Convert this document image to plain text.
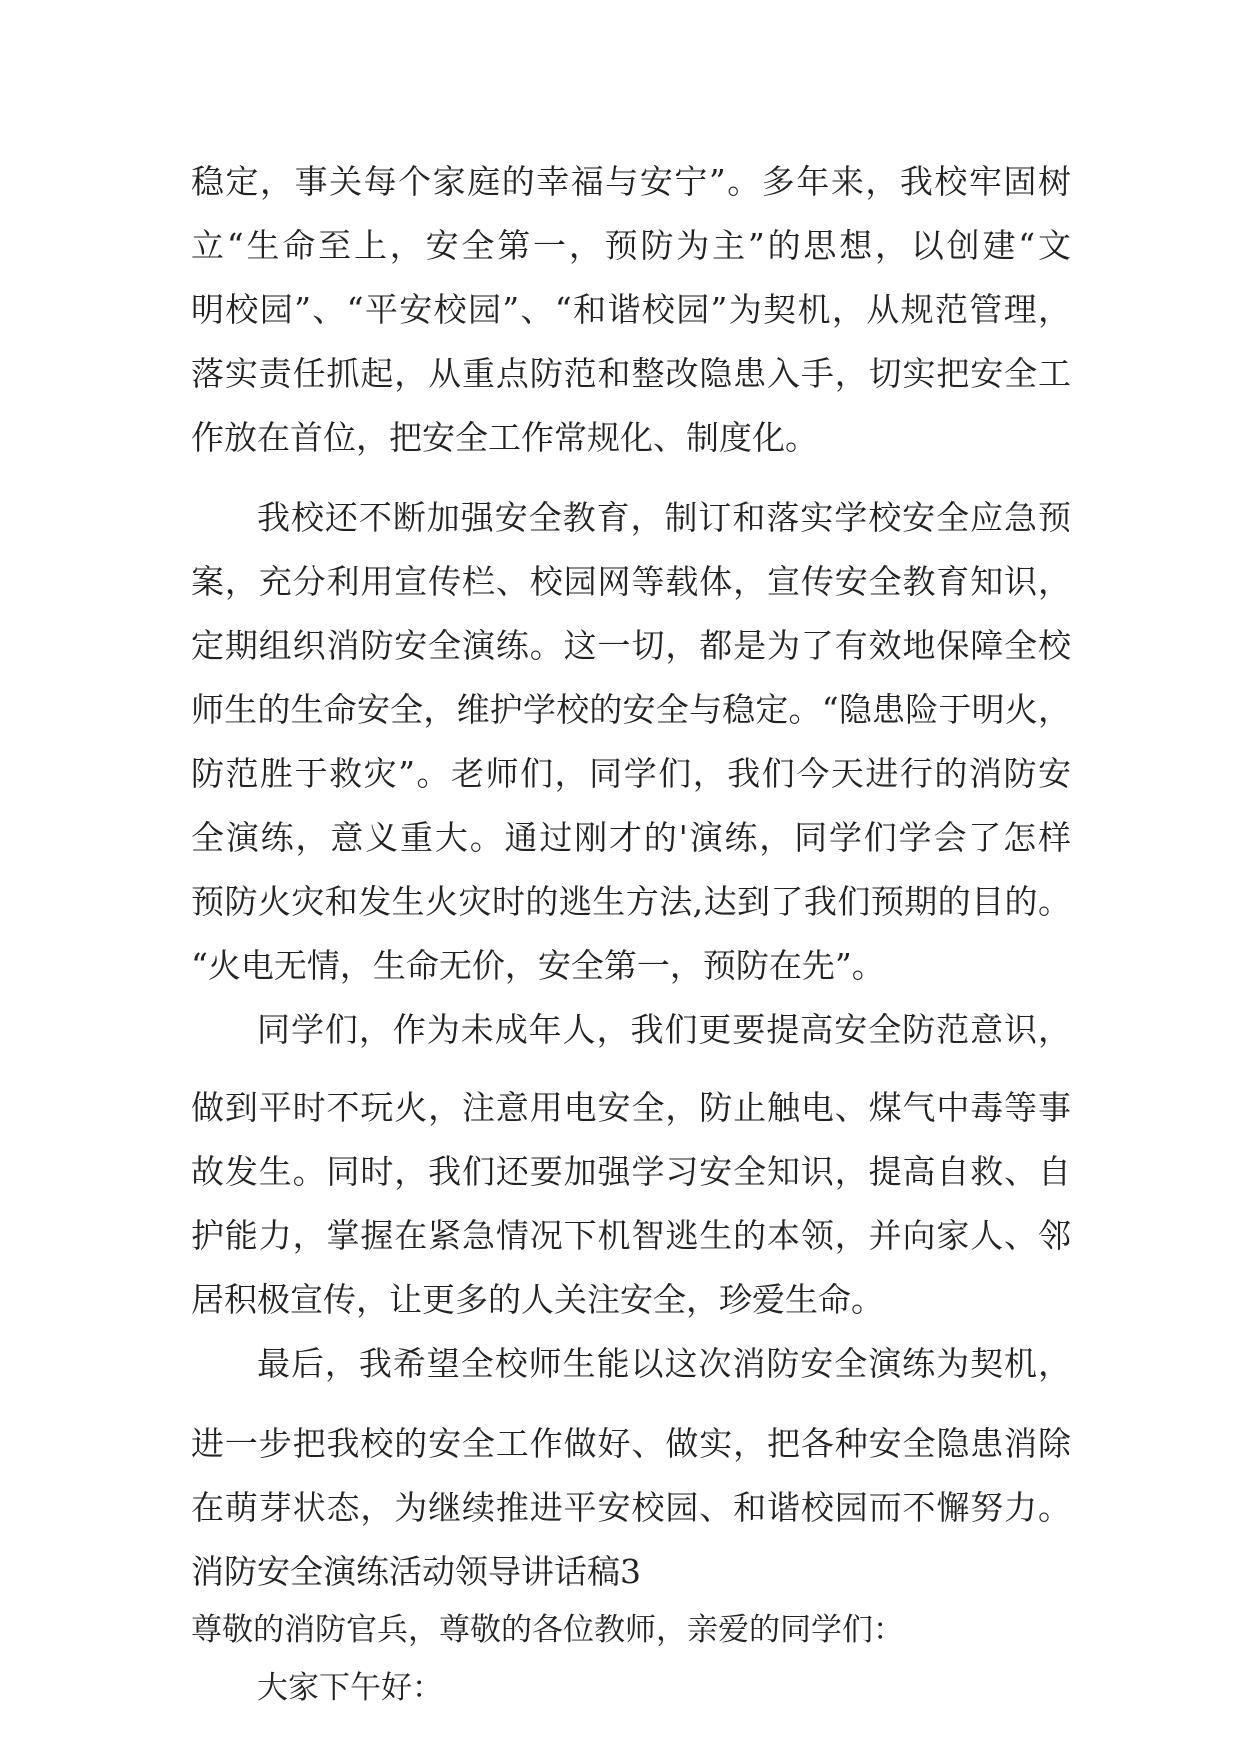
稳定，事关每个家庭的幸福与安宁”。多年来，我校牢固树
立“生命至上，安全第一，预防为主”的思想，以创建“文
明校园”、“平安校园”、“和谐校园”为契机，从规范管理，
落实责任抓起，从重点防范和整改隐患入手，切实把安全工
作放在首位，把安全工作常规化、制度化。
我校还不断加强安全教育，制订和落实学校安全应急预
案，充分利用宣传栏、校园网等载体，宣传安全教育知识，
定期组织消防安全演练。这一切，都是为了有效地保障全校
师生的生命安全，维护学校的安全与稳定。“隐患险于明火，
防范胜于救灾”。老师们，同学们，我们今天进行的消防安
全演练，意义重大。通过刚才的'演练，同学们学会了怎样
预防火灾和发生火灾时的逃生方法,达到了我们预期的目的。
“火电无情，生命无价，安全第一，预防在先”。
同学们，作为未成年人，我们更要提高安全防范意识，
做到平时不玩火，注意用电安全，防止触电、煤气中毒等事
故发生。同时，我们还要加强学习安全知识，提高自救、自
护能力，掌握在紧急情况下机智逃生的本领，并向家人、邻
居积极宣传，让更多的人关注安全，珍爱生命。
最后，我希望全校师生能以这次消防安全演练为契机，
进一步把我校的安全工作做好、做实，把各种安全隐患消除
在萌芽状态，为继续推进平安校园、和谐校园而不懈努力。
消防安全演练活动领导讲话稿3
尊敬的消防官兵，尊敬的各位教师，亲爱的同学们：
大家下午好：
